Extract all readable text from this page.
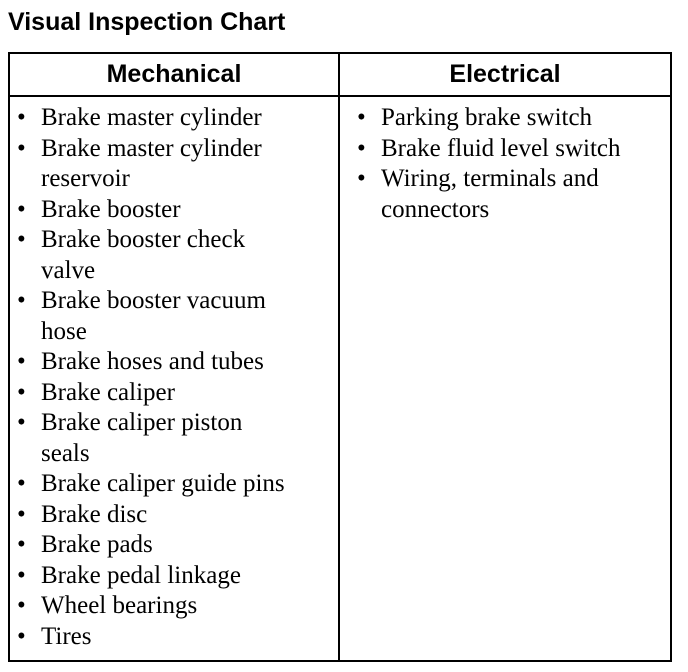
Visual Inspection Chart
Mechanical	Electrical
• Brake master cylinder
• Brake master cylinder
reservoir
• Brake booster
• Brake booster check
valve
• Brake booster vacuum
hose
• Brake hoses and tubes
• Brake caliper
• Brake caliper piston
seals
• Brake caliper guide pins
• Brake disc
• Brake pads
• Brake pedal linkage
• Wheel bearings
• Tires
• Parking brake switch
• Brake fluid level switch
• Wiring, terminals and
connectors
